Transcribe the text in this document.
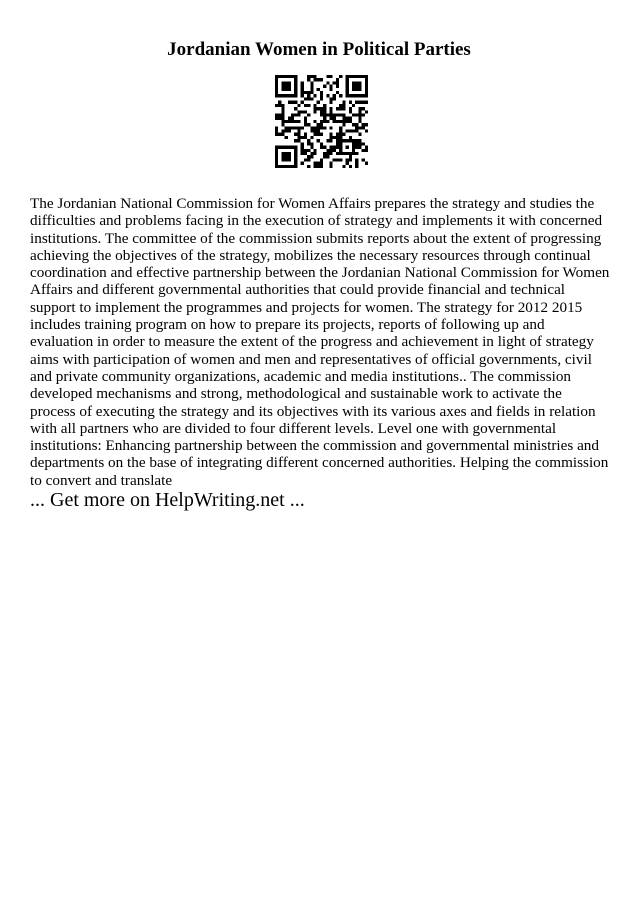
Jordanian Women in Political Parties

The Jordanian National Commission for Women Affairs prepares the strategy and studies the difficulties and problems facing in the execution of strategy and implements it with concerned institutions. The committee of the commission submits reports about the extent of progressing achieving the objectives of the strategy, mobilizes the necessary resources through continual coordination and effective partnership between the Jordanian National Commission for Women Affairs and different governmental authorities that could provide financial and technical support to implement the programmes and projects for women. The strategy for 2012 2015 includes training program on how to prepare its projects, reports of following up and evaluation in order to measure the extent of the progress and achievement in light of strategy aims with participation of women and men and representatives of official governments, civil and private community organizations, academic and media institutions.. The commission developed mechanisms and strong, methodological and sustainable work to activate the process of executing the strategy and its objectives with its various axes and fields in relation with all partners who are divided to four different levels. Level one with governmental institutions: Enhancing partnership between the commission and governmental ministries and departments on the base of integrating different concerned authorities. Helping the commission to convert and translate

... Get more on HelpWriting.net ...
